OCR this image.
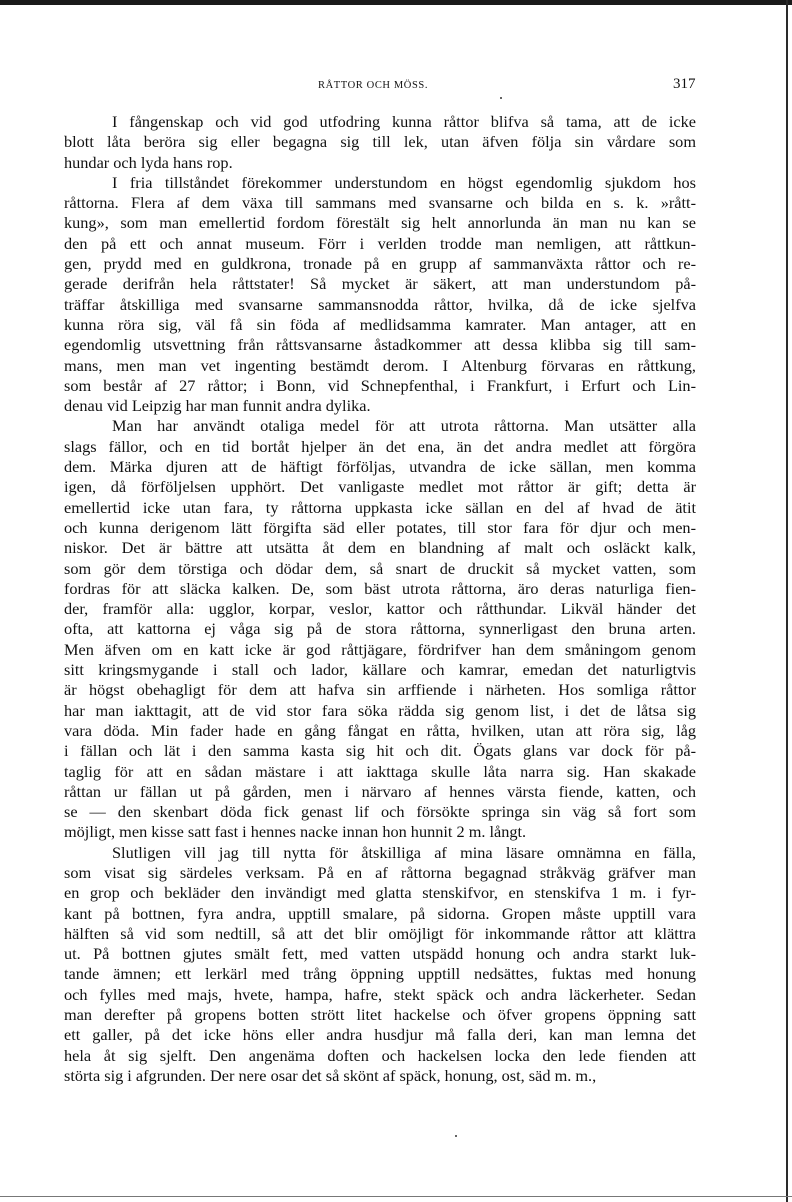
RÅTTOR OCH MÖSS.	317
I fångenskap och vid god utfodring kunna råttor blifva så tama, att de icke
blott låta beröra sig eller begagna sig till lek, utan äfven följa sin vårdare som
hundar och lyda hans rop.
I fria tillståndet förekommer understundom en högst egendomlig sjukdom hos
råttorna. Flera af dem växa till sammans med svansarne och bilda en s. k. »rått-
kung», som man emellertid fordom förestält sig helt annorlunda än man nu kan se
den på ett och annat museum. Förr i verlden trodde man nemligen, att råttkun-
gen, prydd med en guldkrona, tronade på en grupp af sammanväxta råttor och re-
gerade derifrån hela råttstater! Så mycket är säkert, att man understundom på-
träffar åtskilliga med svansarne sammansnodda råttor, hvilka, då de icke sjelfva
kunna röra sig, väl få sin föda af medlidsamma kamrater. Man antager, att en
egendomlig utsvettning från råttsvansarne åstadkommer att dessa klibba sig till sam-
mans, men man vet ingenting bestämdt derom. I Altenburg förvaras en råttkung,
som består af 27 råttor; i Bonn, vid Schnepfenthal, i Frankfurt, i Erfurt och Lin-
denau vid Leipzig har man funnit andra dylika.
Man har användt otaliga medel för att utrota råttorna. Man utsätter alla
slags fällor, och en tid bortåt hjelper än det ena, än det andra medlet att förgöra
dem. Märka djuren att de häftigt förföljas, utvandra de icke sällan, men komma
igen, då förföljelsen upphört. Det vanligaste medlet mot råttor är gift; detta är
emellertid icke utan fara, ty råttorna uppkasta icke sällan en del af hvad de ätit
och kunna derigenom lätt förgifta säd eller potates, till stor fara för djur och men-
niskor. Det är bättre att utsätta åt dem en blandning af malt och osläckt kalk,
som gör dem törstiga och dödar dem, så snart de druckit så mycket vatten, som
fordras för att släcka kalken. De, som bäst utrota råttorna, äro deras naturliga fien-
der, framför alla: ugglor, korpar, veslor, kattor och råtthundar. Likväl händer det
ofta, att kattorna ej våga sig på de stora råttorna, synnerligast den bruna arten.
Men äfven om en katt icke är god råttjägare, fördrifver han dem småningom genom
sitt kringsmygande i stall och lador, källare och kamrar, emedan det naturligtvis
är högst obehagligt för dem att hafva sin arffiende i närheten. Hos somliga råttor
har man iakttagit, att de vid stor fara söka rädda sig genom list, i det de låtsa sig
vara döda. Min fader hade en gång fångat en råtta, hvilken, utan att röra sig, låg
i fällan och lät i den samma kasta sig hit och dit. Ögats glans var dock för på-
taglig för att en sådan mästare i att iakttaga skulle låta narra sig. Han skakade
råttan ur fällan ut på gården, men i närvaro af hennes värsta fiende, katten, och
se — den skenbart döda fick genast lif och försökte springa sin väg så fort som
möjligt, men kisse satt fast i hennes nacke innan hon hunnit 2 m. långt.
Slutligen vill jag till nytta för åtskilliga af mina läsare omnämna en fälla,
som visat sig särdeles verksam. På en af råttorna begagnad stråkväg gräfver man
en grop och bekläder den invändigt med glatta stenskifvor, en stenskifva 1 m. i fyr-
kant på bottnen, fyra andra, upptill smalare, på sidorna. Gropen måste upptill vara
hälften så vid som nedtill, så att det blir omöjligt för inkommande råttor att klättra
ut. På bottnen gjutes smält fett, med vatten utspädd honung och andra starkt luk-
tande ämnen; ett lerkärl med trång öppning upptill nedsättes, fuktas med honung
och fylles med majs, hvete, hampa, hafre, stekt späck och andra läckerheter. Sedan
man derefter på gropens botten strött litet hackelse och öfver gropens öppning satt
ett galler, på det icke höns eller andra husdjur må falla deri, kan man lemna det
hela åt sig sjelft. Den angenäma doften och hackelsen locka den lede fienden att
störta sig i afgrunden. Der nere osar det så skönt af späck, honung, ost, säd m. m.,
